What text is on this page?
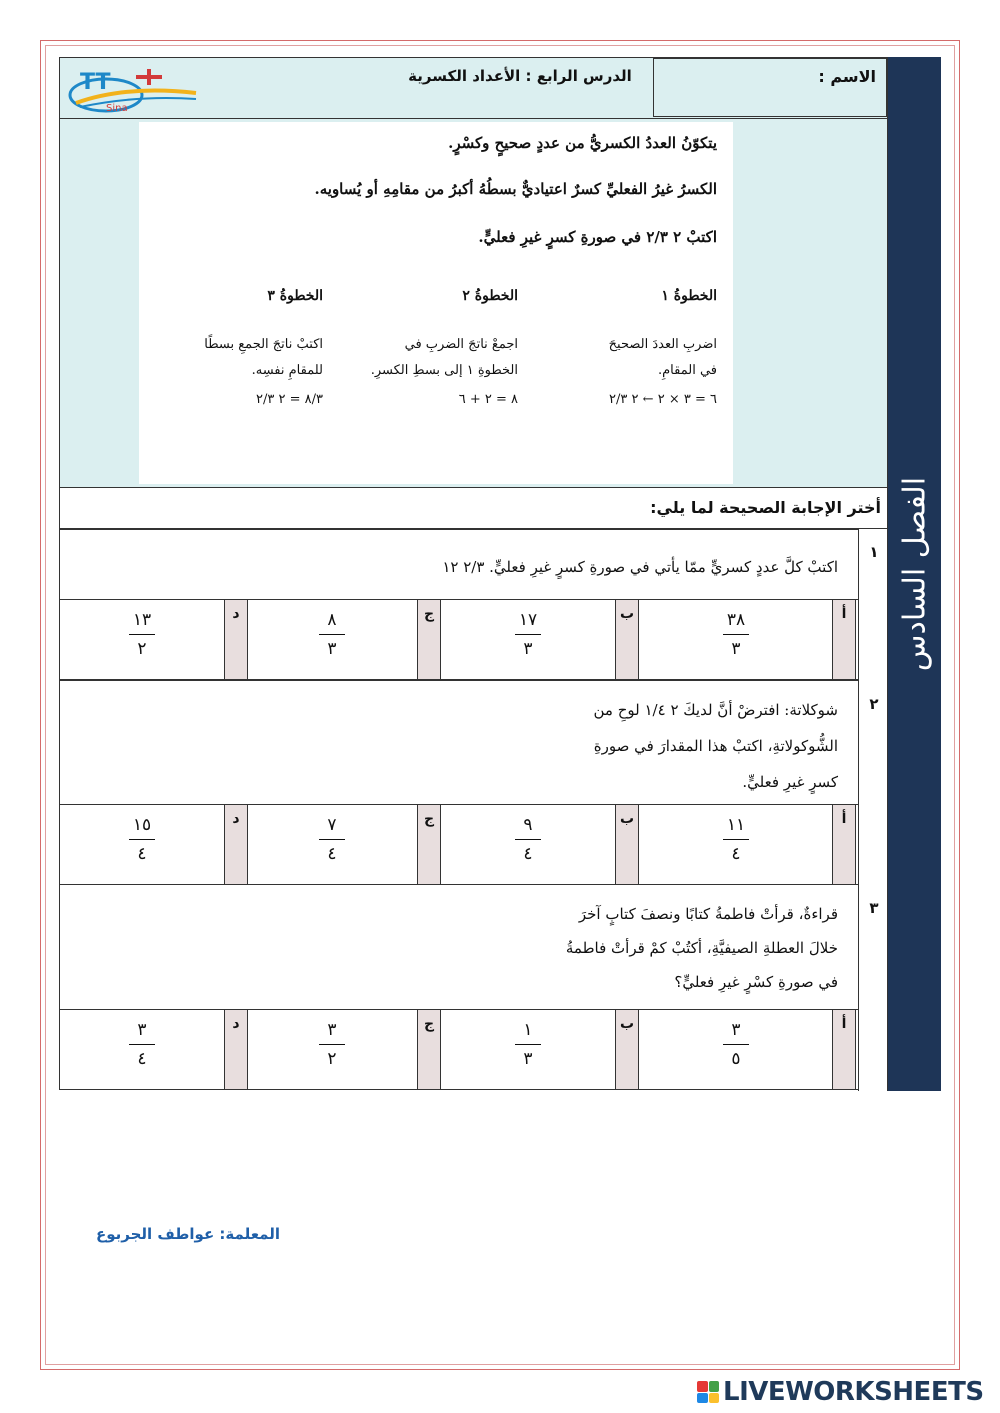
الدرس الرابع : الأعداد الكسرية	الاسم :
TT
Sina
الفصل السادس
يتكوّنُ العددُ الكسريُّ من عددٍ صحيحٍ وكسْرٍ.
الكسرُ غيرُ الفعليِّ كسرٌ اعتياديٌّ بسطُهُ أكبرُ من مقامِهِ أو يُساويه.
اكتبْ ٢ ٢/٣ في صورةِ كسرٍ غيرِ فعليٍّ.
الخطوةُ ١
اضربِ العددَ الصحيحَ
في المقامِ.
٦ = ٣ × ٢ ← ٢ ٢/٣
الخطوةُ ٢
اجمعْ ناتجَ الضربِ في
الخطوةِ ١ إلى بسطِ الكسرِ.
٨ = ٢ + ٦
الخطوةُ ٣
اكتبْ ناتجَ الجمعِ بسطًا
للمقامِ نفسِه.
٨/٣ = ٢ ٢/٣
أختر الإجابة الصحيحة لما يلي:
١
٢
٣
اكتبْ كلَّ عددٍ كسريٍّ ممّا يأتي في صورةِ كسرٍ غيرِ فعليٍّ. ٢/٣ ١٢
أ
٣٨
٣
ب
١٧
٣
ج
٨
٣
د
١٣
٢
شوكلاتة: افترضْ أنَّ لديكَ ٢ ١/٤ لوحِ من
الشُّوكولاتةِ، اكتبْ هذا المقدارَ في صورةِ
كسرٍ غيرِ فعليٍّ.
أ
١١
٤
ب
٩
٤
ج
٧
٤
د
١٥
٤
قراءةٌ، قرأتْ فاطمةُ كتابًا ونصفَ كتابٍ آخرَ
خلالَ العطلةِ الصيفيَّةِ، أكتُبْ كمْ قرأتْ فاطمةُ
في صورةِ كسْرٍ غيرِ فعليٍّ؟
أ
٣
٥
ب
١
٣
ج
٣
٢
د
٣
٤
المعلمة: عواطف الجربوع
LIVEWORKSHEETS
